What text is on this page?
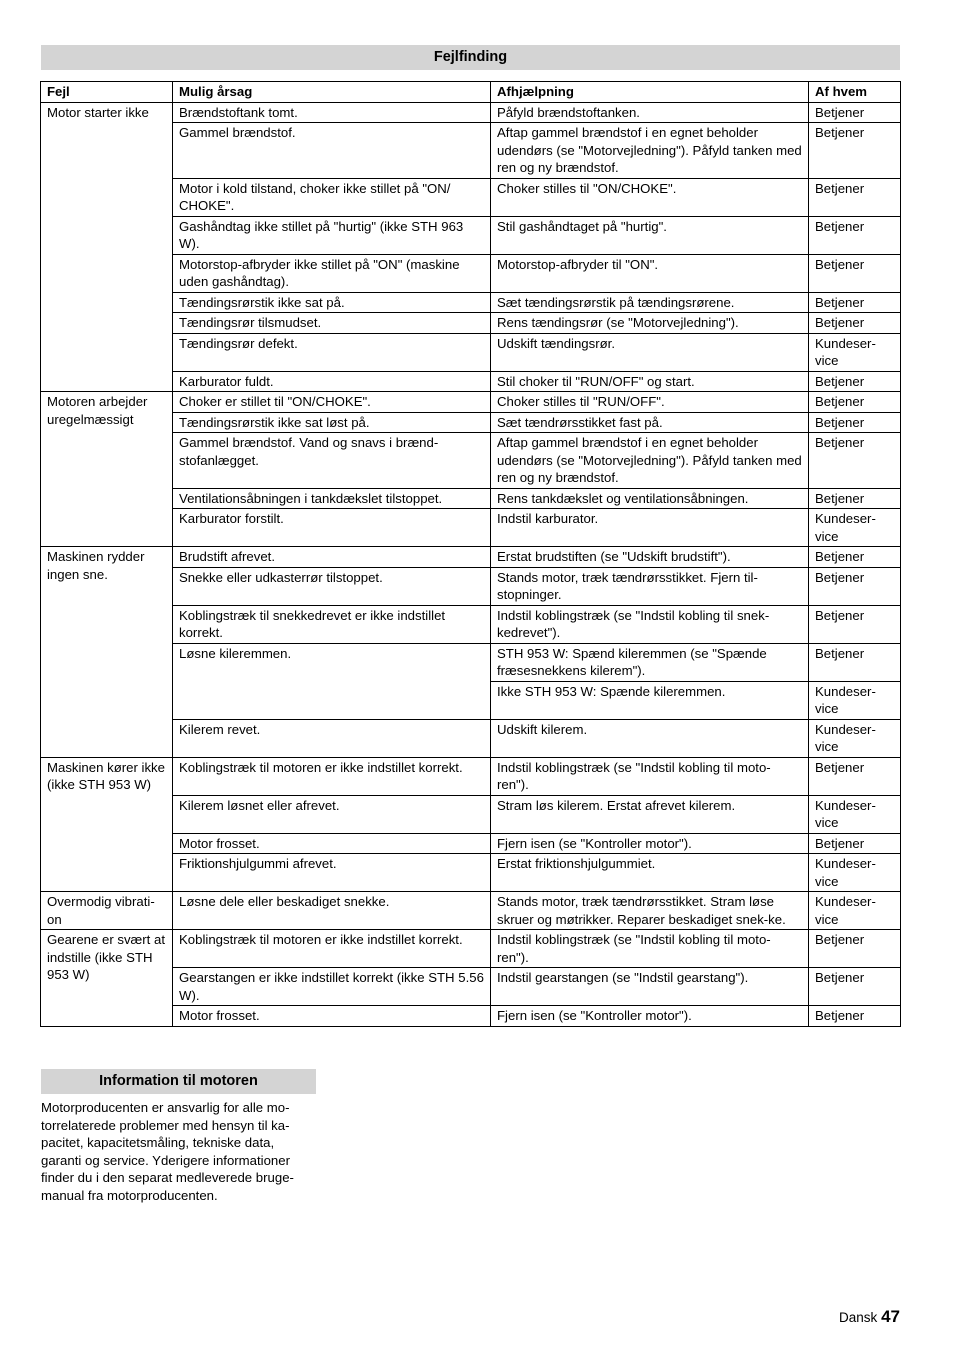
Fejlfinding
Fejl	Mulig årsag	Afhjælpning	Af hvem
Motor starter ikke	Brændstoftank tomt.	Påfyld brændstoftanken.	Betjener
	Gammel brændstof.	Aftap gammel brændstof i en egnet beholder udendørs (se "Motorvejledning"). Påfyld tanken med ren og ny brændstof.	Betjener
	Motor i kold tilstand, choker ikke stillet på "ON/ CHOKE".	Choker stilles til "ON/CHOKE".	Betjener
	Gashåndtag ikke stillet på "hurtig" (ikke STH 963 W).	Stil gashåndtaget på "hurtig".	Betjener
	Motorstop-afbryder ikke stillet på "ON" (maskine uden gashåndtag).	Motorstop-afbryder til "ON".	Betjener
	Tændingsrørstik ikke sat på.	Sæt tændingsrørstik på tændingsrørene.	Betjener
	Tændingsrør tilsmudset.	Rens tændingsrør (se "Motorvejledning").	Betjener
	Tændingsrør defekt.	Udskift tændingsrør.	Kundeser-vice
	Karburator fuldt.	Stil choker til "RUN/OFF" og start.	Betjener
Motoren arbejder uregelmæssigt	Choker er stillet til "ON/CHOKE".	Choker stilles til "RUN/OFF".	Betjener
	Tændingsrørstik ikke sat løst på.	Sæt tændrørsstikket fast på.	Betjener
	Gammel brændstof. Vand og snavs i brænd-stofanlægget.	Aftap gammel brændstof i en egnet beholder udendørs (se "Motorvejledning"). Påfyld tanken med ren og ny brændstof.	Betjener
	Ventilationsåbningen i tankdækslet tilstoppet.	Rens tankdækslet og ventilationsåbningen.	Betjener
	Karburator forstilt.	Indstil karburator.	Kundeser-vice
Maskinen rydder ingen sne.	Brudstift afrevet.	Erstat brudstiften (se "Udskift brudstift").	Betjener
	Snekke eller udkasterrør tilstoppet.	Stands motor, træk tændrørsstikket. Fjern til-stopninger.	Betjener
	Koblingstræk til snekkedrevet er ikke indstillet korrekt.	Indstil koblingstræk (se "Indstil kobling til snek-kedrevet").	Betjener
	Løsne kileremmen.	STH 953 W: Spænd kileremmen (se "Spænde fræsesnekkens kilerem").	Betjener
		Ikke STH 953 W: Spænde kileremmen.	Kundeser-vice
	Kilerem revet.	Udskift kilerem.	Kundeser-vice
Maskinen kører ikke (ikke STH 953 W)	Koblingstræk til motoren er ikke indstillet korrekt.	Indstil koblingstræk (se "Indstil kobling til moto-ren").	Betjener
	Kilerem løsnet eller afrevet.	Stram løs kilerem. Erstat afrevet kilerem.	Kundeser-vice
	Motor frosset.	Fjern isen (se "Kontroller motor").	Betjener
	Friktionshjulgummi afrevet.	Erstat friktionshjulgummiet.	Kundeser-vice
Overmodig vibrati-on	Løsne dele eller beskadiget snekke.	Stands motor, træk tændrørsstikket. Stram løse skruer og møtrikker. Reparer beskadiget snek-ke.	Kundeser-vice
Gearene er svært at indstille (ikke STH 953 W)	Koblingstræk til motoren er ikke indstillet korrekt.	Indstil koblingstræk (se "Indstil kobling til moto-ren").	Betjener
	Gearstangen er ikke indstillet korrekt (ikke STH 5.56 W).	Indstil gearstangen (se "Indstil gearstang").	Betjener
	Motor frosset.	Fjern isen (se "Kontroller motor").	Betjener
Information til motoren
Motorproducenten er ansvarlig for alle mo-
torrelaterede problemer med hensyn til ka-
pacitet, kapacitetsmåling, tekniske data,
garanti og service. Yderigere informationer
finder du i den separat medleverede bruge-
manual fra motorproducenten.
Dansk 47
